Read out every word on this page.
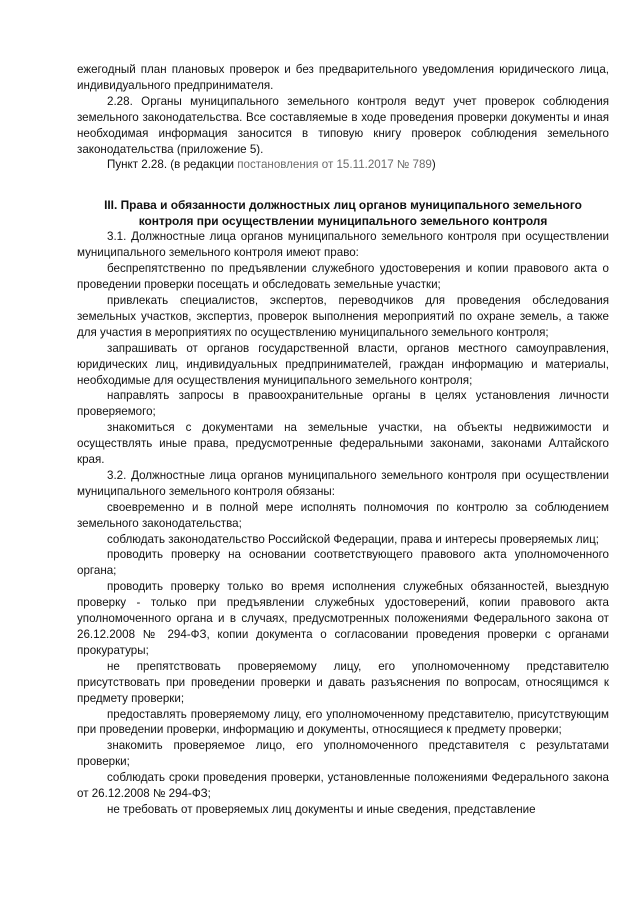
ежегодный план плановых проверок и без предварительного уведомления юридического лица, индивидуального предпринимателя.

2.28. Органы муниципального земельного контроля ведут учет проверок соблюдения земельного законодательства. Все составляемые в ходе проведения проверки документы и иная необходимая информация заносится в типовую книгу проверок соблюдения земельного законодательства (приложение 5).

Пункт 2.28. (в редакции постановления от 15.11.2017 № 789)

III. Права и обязанности должностных лиц органов муниципального земельного контроля при осуществлении муниципального земельного контроля

3.1. Должностные лица органов муниципального земельного контроля при осуществлении муниципального земельного контроля имеют право:

беспрепятственно по предъявлении служебного удостоверения и копии правового акта о проведении проверки посещать и обследовать земельные участки;

привлекать специалистов, экспертов, переводчиков для проведения обследования земельных участков, экспертиз, проверок выполнения мероприятий по охране земель, а также для участия в мероприятиях по осуществлению муниципального земельного контроля;

запрашивать от органов государственной власти, органов местного самоуправления, юридических лиц, индивидуальных предпринимателей, граждан информацию и материалы, необходимые для осуществления муниципального земельного контроля;

направлять запросы в правоохранительные органы в целях установления личности проверяемого;

знакомиться с документами на земельные участки, на объекты недвижимости и осуществлять иные права, предусмотренные федеральными законами, законами Алтайского края.

3.2. Должностные лица органов муниципального земельного контроля при осуществлении муниципального земельного контроля обязаны:

своевременно и в полной мере исполнять полномочия по контролю за соблюдением земельного законодательства;

соблюдать законодательство Российской Федерации, права и интересы проверяемых лиц;

проводить проверку на основании соответствующего правового акта уполномоченного органа;

проводить проверку только во время исполнения служебных обязанностей, выездную проверку - только при предъявлении служебных удостоверений, копии правового акта уполномоченного органа и в случаях, предусмотренных положениями Федерального закона от 26.12.2008 № 294-ФЗ, копии документа о согласовании проведения проверки с органами прокуратуры;

не препятствовать проверяемому лицу, его уполномоченному представителю присутствовать при проведении проверки и давать разъяснения по вопросам, относящимся к предмету проверки;

предоставлять проверяемому лицу, его уполномоченному представителю, присутствующим при проведении проверки, информацию и документы, относящиеся к предмету проверки;

знакомить проверяемое лицо, его уполномоченного представителя с результатами проверки;

соблюдать сроки проведения проверки, установленные положениями Федерального закона от 26.12.2008 № 294-ФЗ;

не требовать от проверяемых лиц документы и иные сведения, представление
